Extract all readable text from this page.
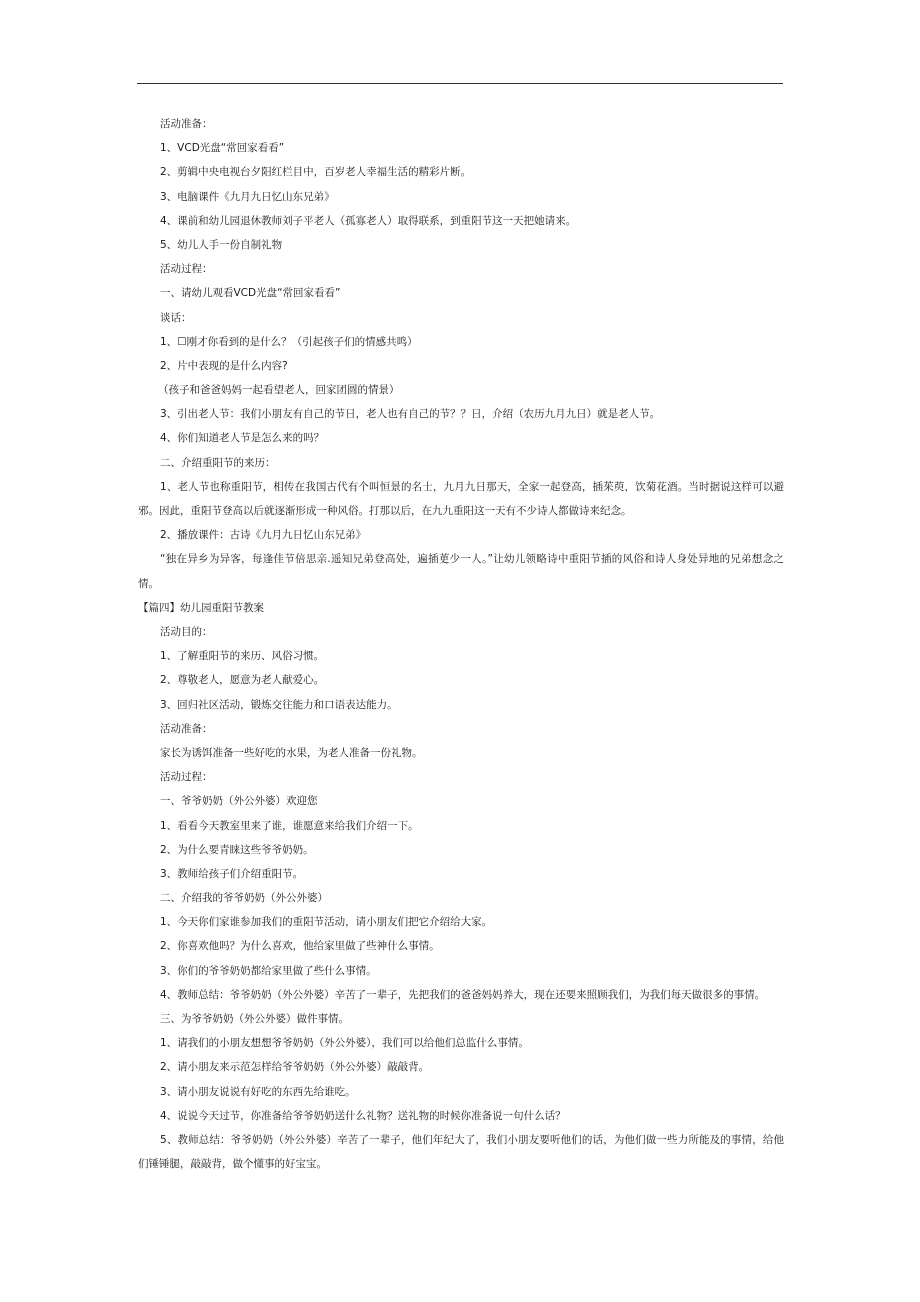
活动准备：
1、VCD光盘“常回家看看”
2、剪辑中央电视台夕阳红栏目中，百岁老人幸福生活的精彩片断。
3、电脑课件《九月九日忆山东兄弟》
4、课前和幼儿园退休教师刘子平老人（孤寡老人）取得联系，到重阳节这一天把她请来。
5、幼儿人手一份自制礼物
活动过程：
一、请幼儿观看VCD光盘“常回家看看”
谈话：
1、☐刚才你看到的是什么？（引起孩子们的情感共鸣）
2、片中表现的是什么内容?
（孩子和爸爸妈妈一起看望老人，回家团圆的情景）
3、引出老人节：我们小朋友有自己的节日，老人也有自己的节？？日，介绍（农历九月九日）就是老人节。
4、你们知道老人节是怎么来的吗？
二、介绍重阳节的来历：
1、老人节也称重阳节，相传在我国古代有个叫恒景的名士，九月九日那天，全家一起登高，插茱萸，饮菊花酒。当时据说这样可以避邪。因此，重阳节登高以后就逐渐形成一种风俗。打那以后，在九九重阳这一天有不少诗人都做诗来纪念。
2、播放课件：古诗《九月九日忆山东兄弟》
“独在异乡为异客，每逢佳节倍思亲.遥知兄弟登高处，遍插茰少一人。”让幼儿领略诗中重阳节插的风俗和诗人身处异地的兄弟想念之情。
【篇四】幼儿园重阳节教案
活动目的：
1、了解重阳节的来历、风俗习惯。
2、尊敬老人，愿意为老人献爱心。
3、回归社区活动，锻炼交往能力和口语表达能力。
活动准备：
家长为诱饵准备一些好吃的水果，为老人准备一份礼物。
活动过程：
一、爷爷奶奶（外公外婆）欢迎您
1、看看今天教室里来了谁，谁愿意来给我们介绍一下。
2、为什么要青睐这些爷爷奶奶。
3、教师给孩子们介绍重阳节。
二、介绍我的爷爷奶奶（外公外婆）
1、今天你们家谁参加我们的重阳节活动，请小朋友们把它介绍给大家。
2、你喜欢他吗？为什么喜欢，他给家里做了些神什么事情。
3、你们的爷爷奶奶都给家里做了些什么事情。
4、教师总结：爷爷奶奶（外公外婆）辛苦了一辈子，先把我们的爸爸妈妈养大，现在还要来照顾我们，为我们每天做很多的事情。
三、为爷爷奶奶（外公外婆）做件事情。
1、请我们的小朋友想想爷爷奶奶（外公外婆），我们可以给他们总监什么事情。
2、请小朋友来示范怎样给爷爷奶奶（外公外婆）敲敲背。
3、请小朋友说说有好吃的东西先给谁吃。
4、说说今天过节，你准备给爷爷奶奶送什么礼物？送礼物的时候你准备说一句什么话？
5、教师总结：爷爷奶奶（外公外婆）辛苦了一辈子，他们年纪大了，我们小朋友要听他们的话，为他们做一些力所能及的事情，给他们锤锤腿，敲敲背，做个懂事的好宝宝。
